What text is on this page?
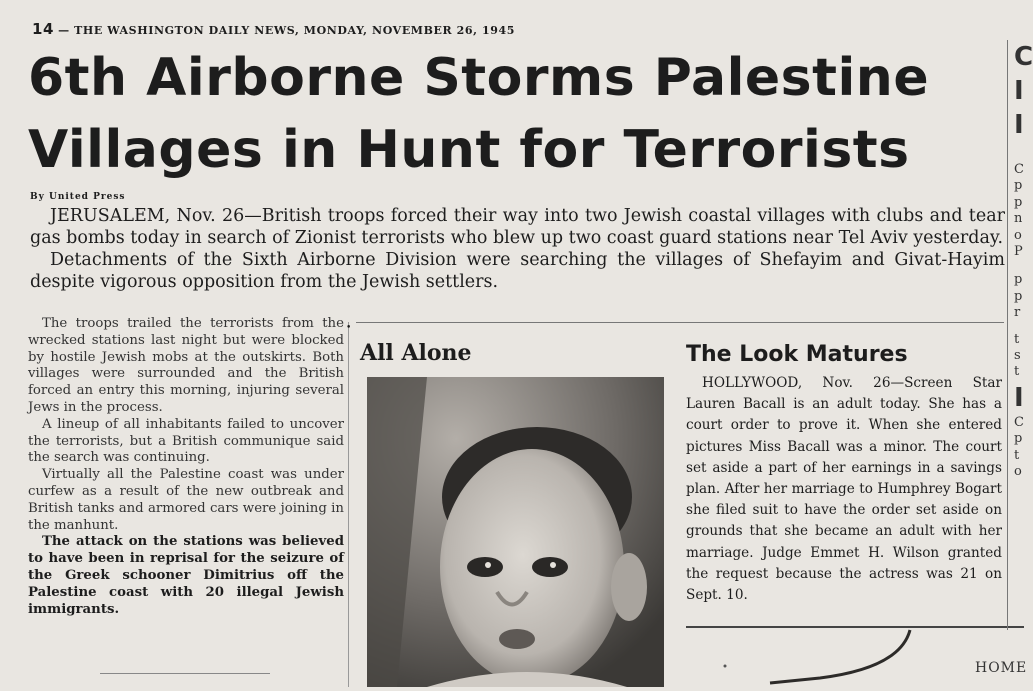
14 — THE WASHINGTON DAILY NEWS, MONDAY, NOVEMBER 26, 1945
6th Airborne Storms Palestine
Villages in Hunt for Terrorists
By United Press

JERUSALEM, Nov. 26—British troops forced their way into two Jewish coastal villages with clubs and tear gas bombs today in search of Zionist terrorists who blew up two coast guard stations near Tel Aviv yesterday.

Detachments of the Sixth Airborne Division were searching the villages of Shefayim and Givat-Hayim despite vigorous opposition from the Jewish settlers.

The troops trailed the terrorists from the wrecked stations last night but were blocked by hostile Jewish mobs at the outskirts. Both villages were surrounded and the British forced an entry this morning, injuring several Jews in the process.

A lineup of all inhabitants failed to uncover the terrorists, but a British communique said the search was continuing.

Virtually all the Palestine coast was under curfew as a result of the new outbreak and British tanks and armored cars were joining in the manhunt.

The attack on the stations was believed to have been in reprisal for the seizure of the Greek schooner Dimitrius off the Palestine coast with 20 illegal Jewish immigrants.

•
All Alone	The Look Matures

HOLLYWOOD, Nov. 26—Screen Star Lauren Bacall is an adult today. She has a court order to prove it. When she entered pictures Miss Bacall was a minor. The court set aside a part of her earnings in a savings plan. After her marriage to Humphrey Bogart she filed suit to have the order set aside on grounds that she became an adult with her marriage. Judge Emmet H. Wilson granted the request because the actress was 21 on Sept. 10.

C
I
I
C
p
p
n
o
P
p
p
r
t
s
t
I
C
p
t
o
HOME
